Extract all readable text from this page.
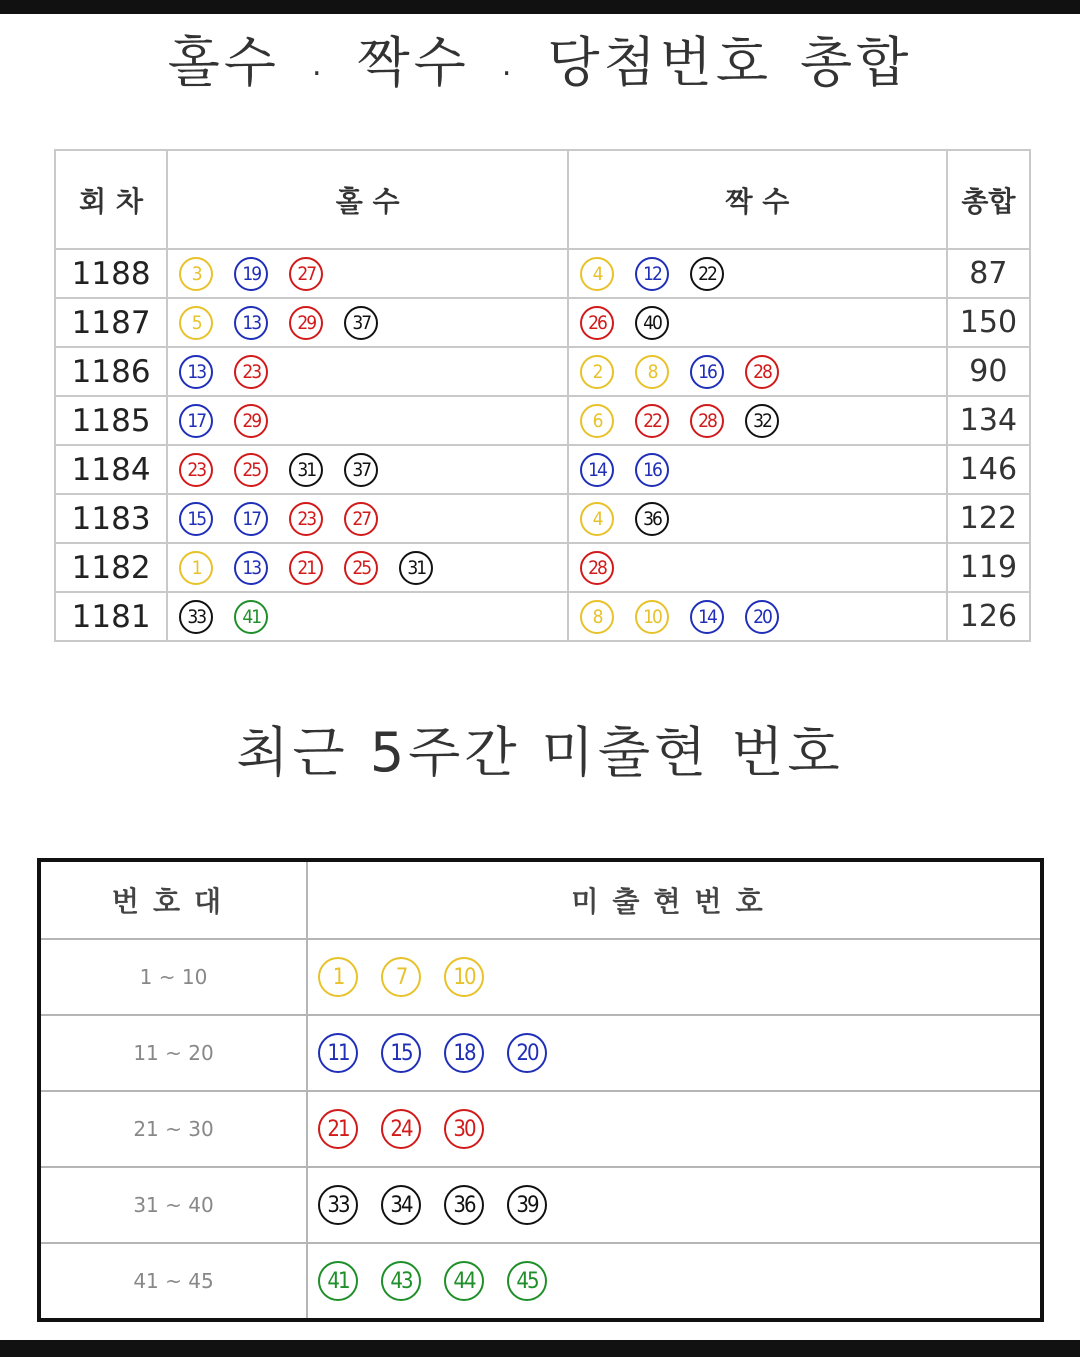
홀수 . 짝수 . 당첨번호 총합
회 차	홀 수	짝 수	총합
1188	3 19 27	4 12 22	87
1187	5 13 29 37	26 40	150
1186	13 23	2 8 16 28	90
1185	17 29	6 22 28 32	134
1184	23 25 31 37	14 16	146
1183	15 17 23 27	4 36	122
1182	1 13 21 25 31	28	119
1181	33 41	8 10 14 20	126
최근 5주간 미출현 번호
번호대	미출현번호
1 ~ 10	1 7 10

11 ~ 20	11 15 18 20

21 ~ 30	21 24 30

31 ~ 40	33 34 36 39

41 ~ 45	41 43 44 45
